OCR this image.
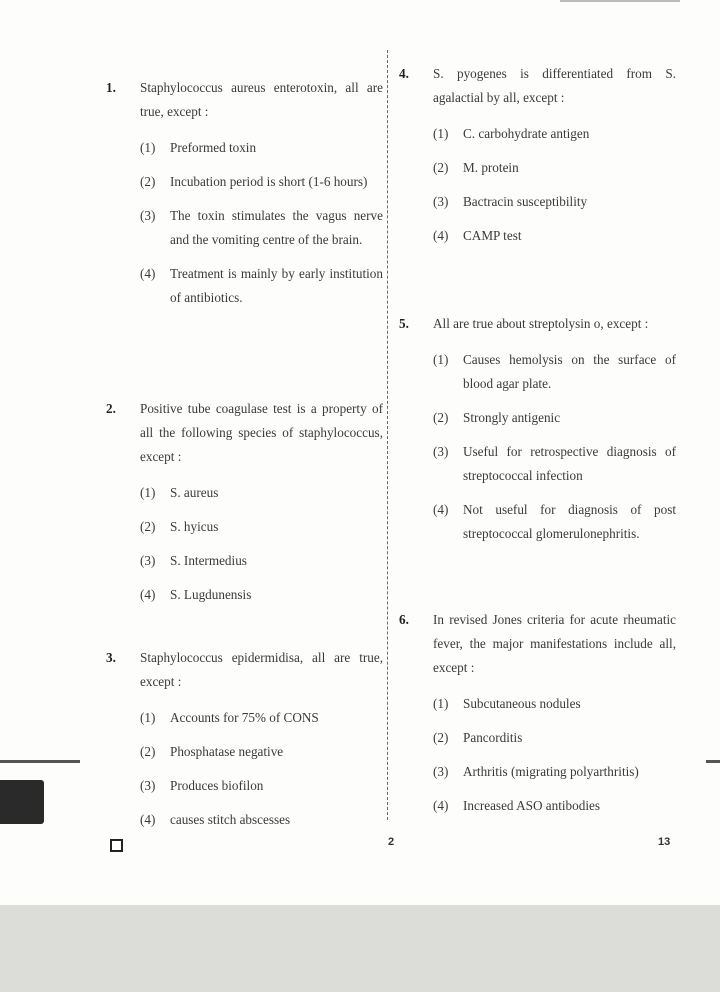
1.	Staphylococcus aureus enterotoxin, all are true, except :
(1)	Preformed toxin
(2)	Incubation period is short (1-6 hours)
(3)	The toxin stimulates the vagus nerve and the vomiting centre of the brain.
(4)	Treatment is mainly by early institution of antibiotics.
2.	Positive tube coagulase test is a property of all the following species of staphylococcus, except :
(1)	S. aureus
(2)	S. hyicus
(3)	S. Intermedius
(4)	S. Lugdunensis
3.	Staphylococcus epidermidisa, all are true, except :
(1)	Accounts for 75% of CONS
(2)	Phosphatase negative
(3)	Produces biofilon
(4)	causes stitch abscesses
4.	S. pyogenes is differentiated from S. agalactial by all, except :
(1)	C. carbohydrate antigen
(2)	M. protein
(3)	Bactracin susceptibility
(4)	CAMP test
5.	All are true about streptolysin o, except :
(1)	Causes hemolysis on the surface of blood agar plate.
(2)	Strongly antigenic
(3)	Useful for retrospective diagnosis of streptococcal infection
(4)	Not useful for diagnosis of post streptococcal glomerulonephritis.
6.	In revised Jones criteria for acute rheumatic fever, the major manifestations include all, except :
(1)	Subcutaneous nodules
(2)	Pancorditis
(3)	Arthritis (migrating polyarthritis)
(4)	Increased ASO antibodies
2	13
